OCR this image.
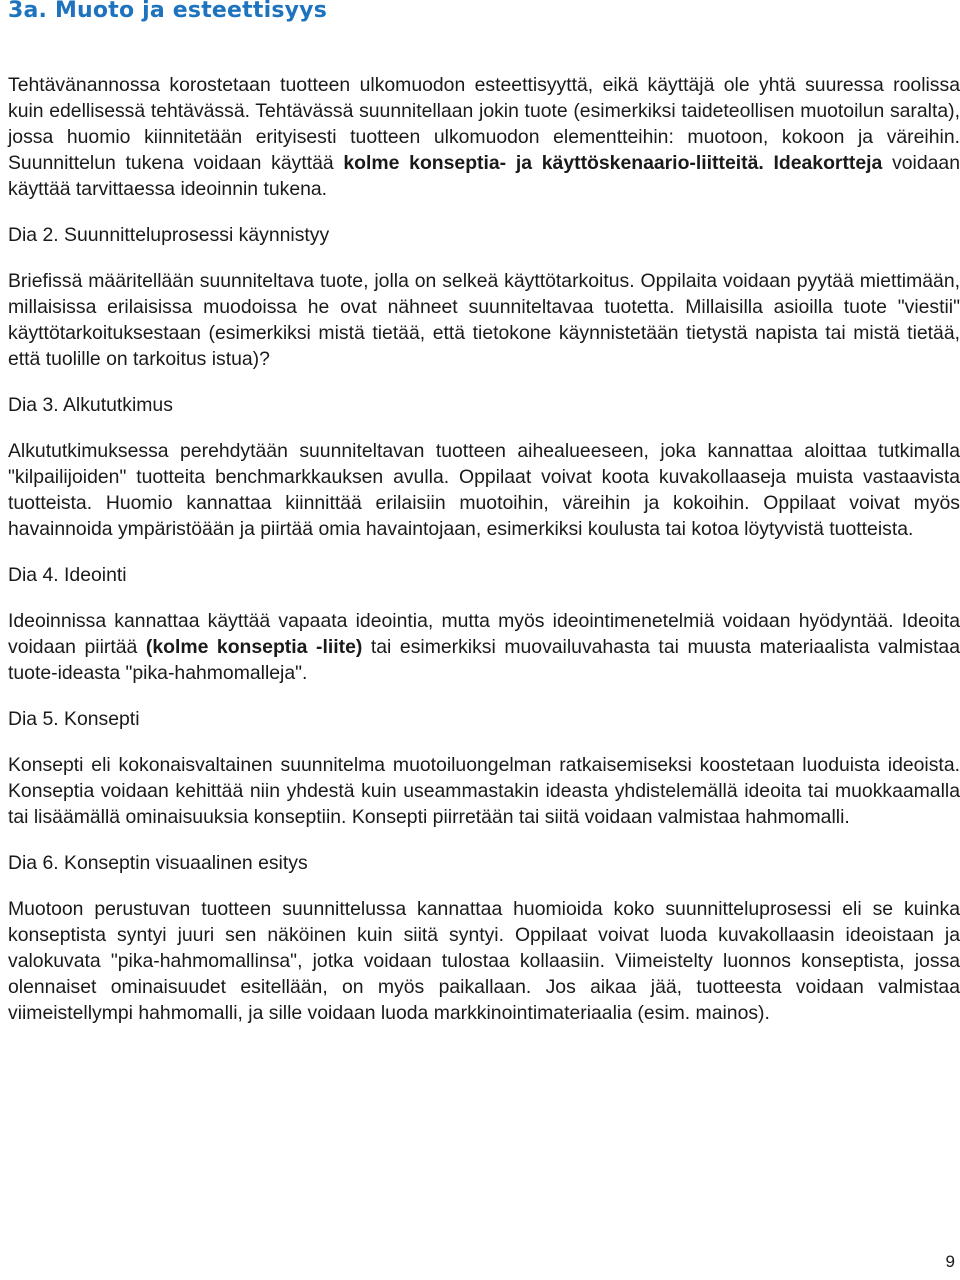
3a. Muoto ja esteettisyys

Tehtävänannossa korostetaan tuotteen ulkomuodon esteettisyyttä, eikä käyttäjä ole yhtä suuressa roolissa kuin edellisessä tehtävässä. Tehtävässä suunnitellaan jokin tuote (esimerkiksi taideteollisen muotoilun saralta), jossa huomio kiinnitetään erityisesti tuotteen ulkomuodon elementteihin: muotoon, kokoon ja väreihin. Suunnittelun tukena voidaan käyttää kolme konseptia- ja käyttöskenaario-liitteitä. Ideakortteja voidaan käyttää tarvittaessa ideoinnin tukena.

Dia 2. Suunnitteluprosessi käynnistyy

Briefissä määritellään suunniteltava tuote, jolla on selkeä käyttötarkoitus. Oppilaita voidaan pyytää miettimään, millaisissa erilaisissa muodoissa he ovat nähneet suunniteltavaa tuotetta. Millaisilla asioilla tuote "viestii" käyttötarkoituksestaan (esimerkiksi mistä tietää, että tietokone käynnistetään tietystä napista tai mistä tietää, että tuolille on tarkoitus istua)?

Dia 3. Alkututkimus

Alkututkimuksessa perehdytään suunniteltavan tuotteen aihealueeseen, joka kannattaa aloittaa tutkimalla "kilpailijoiden" tuotteita benchmarkkauksen avulla. Oppilaat voivat koota kuvakollaaseja muista vastaavista tuotteista. Huomio kannattaa kiinnittää erilaisiin muotoihin, väreihin ja kokoihin. Oppilaat voivat myös havainnoida ympäristöään ja piirtää omia havaintojaan, esimerkiksi koulusta tai kotoa löytyvistä tuotteista.

Dia 4. Ideointi

Ideoinnissa kannattaa käyttää vapaata ideointia, mutta myös ideointimenetelmiä voidaan hyödyntää. Ideoita voidaan piirtää (kolme konseptia -liite) tai esimerkiksi muovailuvahasta tai muusta materiaalista valmistaa tuote-ideasta "pika-hahmomalleja".

Dia 5. Konsepti

Konsepti eli kokonaisvaltainen suunnitelma muotoiluongelman ratkaisemiseksi koostetaan luoduista ideoista. Konseptia voidaan kehittää niin yhdestä kuin useammastakin ideasta yhdistelemällä ideoita tai muokkaamalla tai lisäämällä ominaisuuksia konseptiin. Konsepti piirretään tai siitä voidaan valmistaa hahmomalli.

Dia 6. Konseptin visuaalinen esitys

Muotoon perustuvan tuotteen suunnittelussa kannattaa huomioida koko suunnitteluprosessi eli se kuinka konseptista syntyi juuri sen näköinen kuin siitä syntyi. Oppilaat voivat luoda kuvakollaasin ideoistaan ja valokuvata "pika-hahmomallinsa", jotka voidaan tulostaa kollaasiin. Viimeistelty luonnos konseptista, jossa olennaiset ominaisuudet esitellään, on myös paikallaan. Jos aikaa jää, tuotteesta voidaan valmistaa viimeistellympi hahmomalli, ja sille voidaan luoda markkinointimateriaalia (esim. mainos).

9
